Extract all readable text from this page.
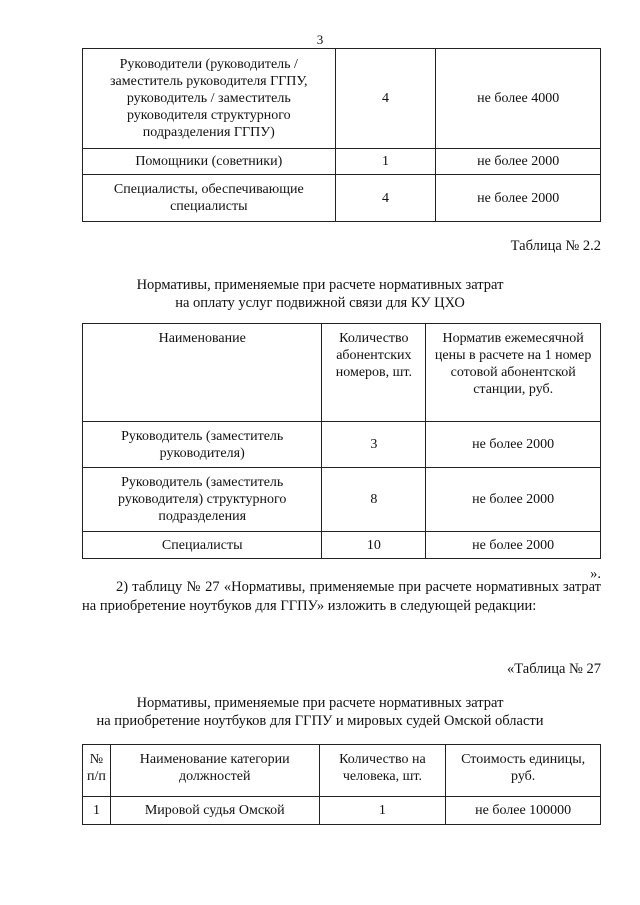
3
Руководители (руководитель / заместитель руководителя ГГПУ, руководитель / заместитель руководителя структурного подразделения ГГПУ)	4	не более 4000
Помощники (советники)	1	не более 2000
Специалисты, обеспечивающие специалисты	4	не более 2000
Таблица № 2.2
Нормативы, применяемые при расчете нормативных затрат
на оплату услуг подвижной связи для КУ ЦХО
Наименование	Количество абонентских номеров, шт.	Норматив ежемесячной цены в расчете на 1 номер сотовой абонентской станции, руб.
Руководитель (заместитель руководителя)	3	не более 2000
Руководитель (заместитель руководителя) структурного подразделения	8	не более 2000
Специалисты	10	не более 2000
».
2) таблицу № 27 «Нормативы, применяемые при расчете нормативных затрат на приобретение ноутбуков для ГГПУ» изложить в следующей редакции:
«Таблица № 27
Нормативы, применяемые при расчете нормативных затрат
на приобретение ноутбуков для ГГПУ и мировых судей Омской области
№ п/п	Наименование категории должностей	Количество на человека, шт.	Стоимость единицы, руб.
1	Мировой судья Омской	1	не более 100000
